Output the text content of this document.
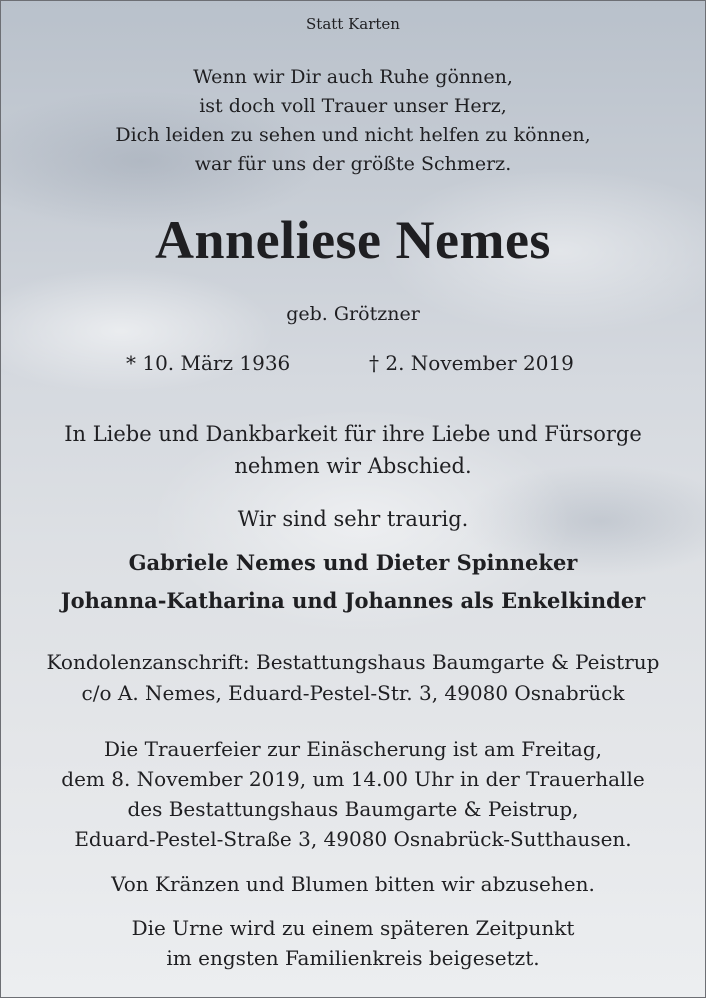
Statt Karten
Wenn wir Dir auch Ruhe gönnen,
ist doch voll Trauer unser Herz,
Dich leiden zu sehen und nicht helfen zu können,
war für uns der größte Schmerz.
Anneliese Nemes
geb. Grötzner
* 10. März 1936	† 2. November 2019
In Liebe und Dankbarkeit für ihre Liebe und Fürsorge
nehmen wir Abschied.
Wir sind sehr traurig.
Gabriele Nemes und Dieter Spinneker
Johanna-Katharina und Johannes als Enkelkinder
Kondolenzanschrift: Bestattungshaus Baumgarte & Peistrup
c/o A. Nemes, Eduard-Pestel-Str. 3, 49080 Osnabrück
Die Trauerfeier zur Einäscherung ist am Freitag,
dem 8. November 2019, um 14.00 Uhr in der Trauerhalle
des Bestattungshaus Baumgarte & Peistrup,
Eduard-Pestel-Straße 3, 49080 Osnabrück-Sutthausen.
Von Kränzen und Blumen bitten wir abzusehen.
Die Urne wird zu einem späteren Zeitpunkt
im engsten Familienkreis beigesetzt.
